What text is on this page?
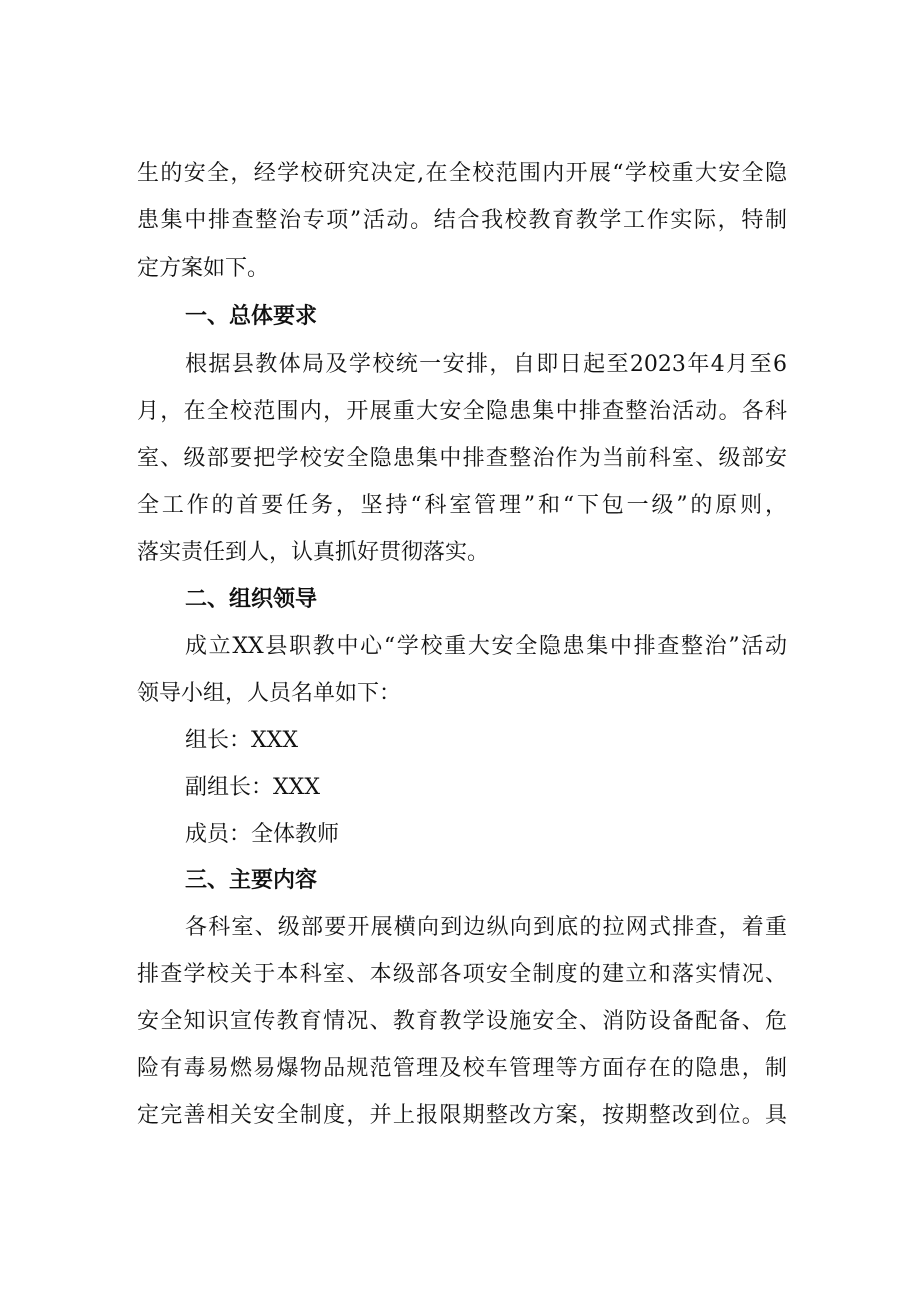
生的安全，经学校研究决定,在全校范围内开展“学校重大安全隐
患集中排查整治专项”活动。结合我校教育教学工作实际，特制
定方案如下。
一、总体要求
根据县教体局及学校统一安排，自即日起至2023年4月至6
月，在全校范围内，开展重大安全隐患集中排查整治活动。各科
室、级部要把学校安全隐患集中排查整治作为当前科室、级部安
全工作的首要任务，坚持“科室管理”和“下包一级”的原则，
落实责任到人，认真抓好贯彻落实。
二、组织领导
成立XX县职教中心“学校重大安全隐患集中排查整治”活动
领导小组，人员名单如下：
组长：XXX
副组长：XXX
成员：全体教师
三、主要内容
各科室、级部要开展横向到边纵向到底的拉网式排查，着重
排查学校关于本科室、本级部各项安全制度的建立和落实情况、
安全知识宣传教育情况、教育教学设施安全、消防设备配备、危
险有毒易燃易爆物品规范管理及校车管理等方面存在的隐患，制
定完善相关安全制度，并上报限期整改方案，按期整改到位。具
